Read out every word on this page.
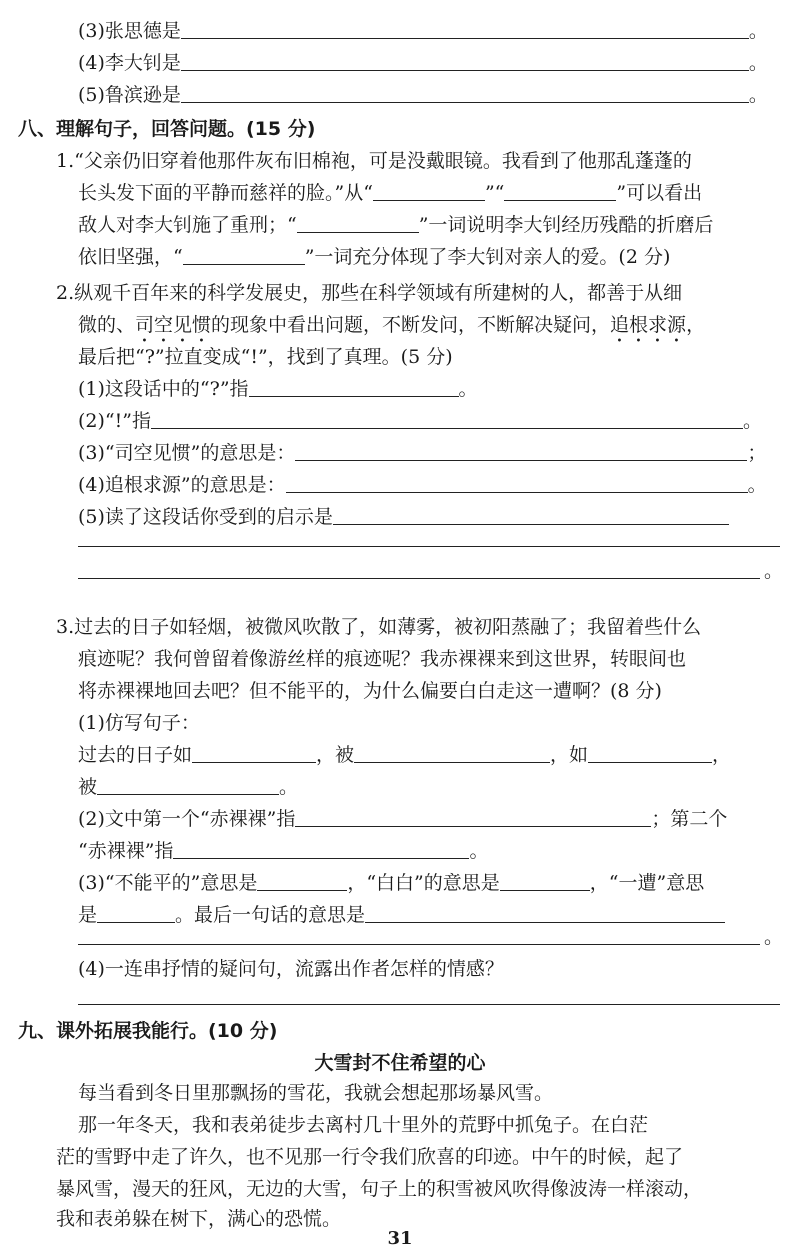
(3)张思德是	。
(4)李大钊是	。
(5)鲁滨逊是	。
八、理解句子，回答问题。(15 分)
1.“父亲仍旧穿着他那件灰布旧棉袍，可是没戴眼镜。我看到了他那乱蓬蓬的
长头发下面的平静而慈祥的脸。”从“	”“	”可以看出
敌人对李大钊施了重刑；“	”一词说明李大钊经历残酷的折磨后
依旧坚强，“	”一词充分体现了李大钊对亲人的爱。(2 分)
2.纵观千百年来的科学发展史，那些在科学领域有所建树的人，都善于从细
微的、司空见惯的现象中看出问题，不断发问，不断解决疑问，追根求源，
最后把“?”拉直变成“!”，找到了真理。(5 分)
(1)这段话中的“?”指	。
(2)“!”指	。
(3)“司空见惯”的意思是：	；
(4)追根求源”的意思是：	。
(5)读了这段话你受到的启示是
。
3.过去的日子如轻烟，被微风吹散了，如薄雾，被初阳蒸融了；我留着些什么
痕迹呢？我何曾留着像游丝样的痕迹呢？我赤裸裸来到这世界，转眼间也
将赤裸裸地回去吧？但不能平的，为什么偏要白白走这一遭啊？(8 分)
(1)仿写句子：
过去的日子如	，被	，如	，
被	。
(2)文中第一个“赤裸裸”指	；第二个
“赤裸裸”指	。
(3)“不能平的”意思是	，“白白”的意思是	，“一遭”意思
是	。最后一句话的意思是
。
(4)一连串抒情的疑问句，流露出作者怎样的情感？
九、课外拓展我能行。(10 分)
大雪封不住希望的心
每当看到冬日里那飘扬的雪花，我就会想起那场暴风雪。
那一年冬天，我和表弟徒步去离村几十里外的荒野中抓兔子。在白茫
茫的雪野中走了许久，也不见那一行令我们欣喜的印迹。中午的时候，起了
暴风雪，漫天的狂风，无边的大雪，句子上的积雪被风吹得像波涛一样滚动，
我和表弟躲在树下，满心的恐慌。
31
